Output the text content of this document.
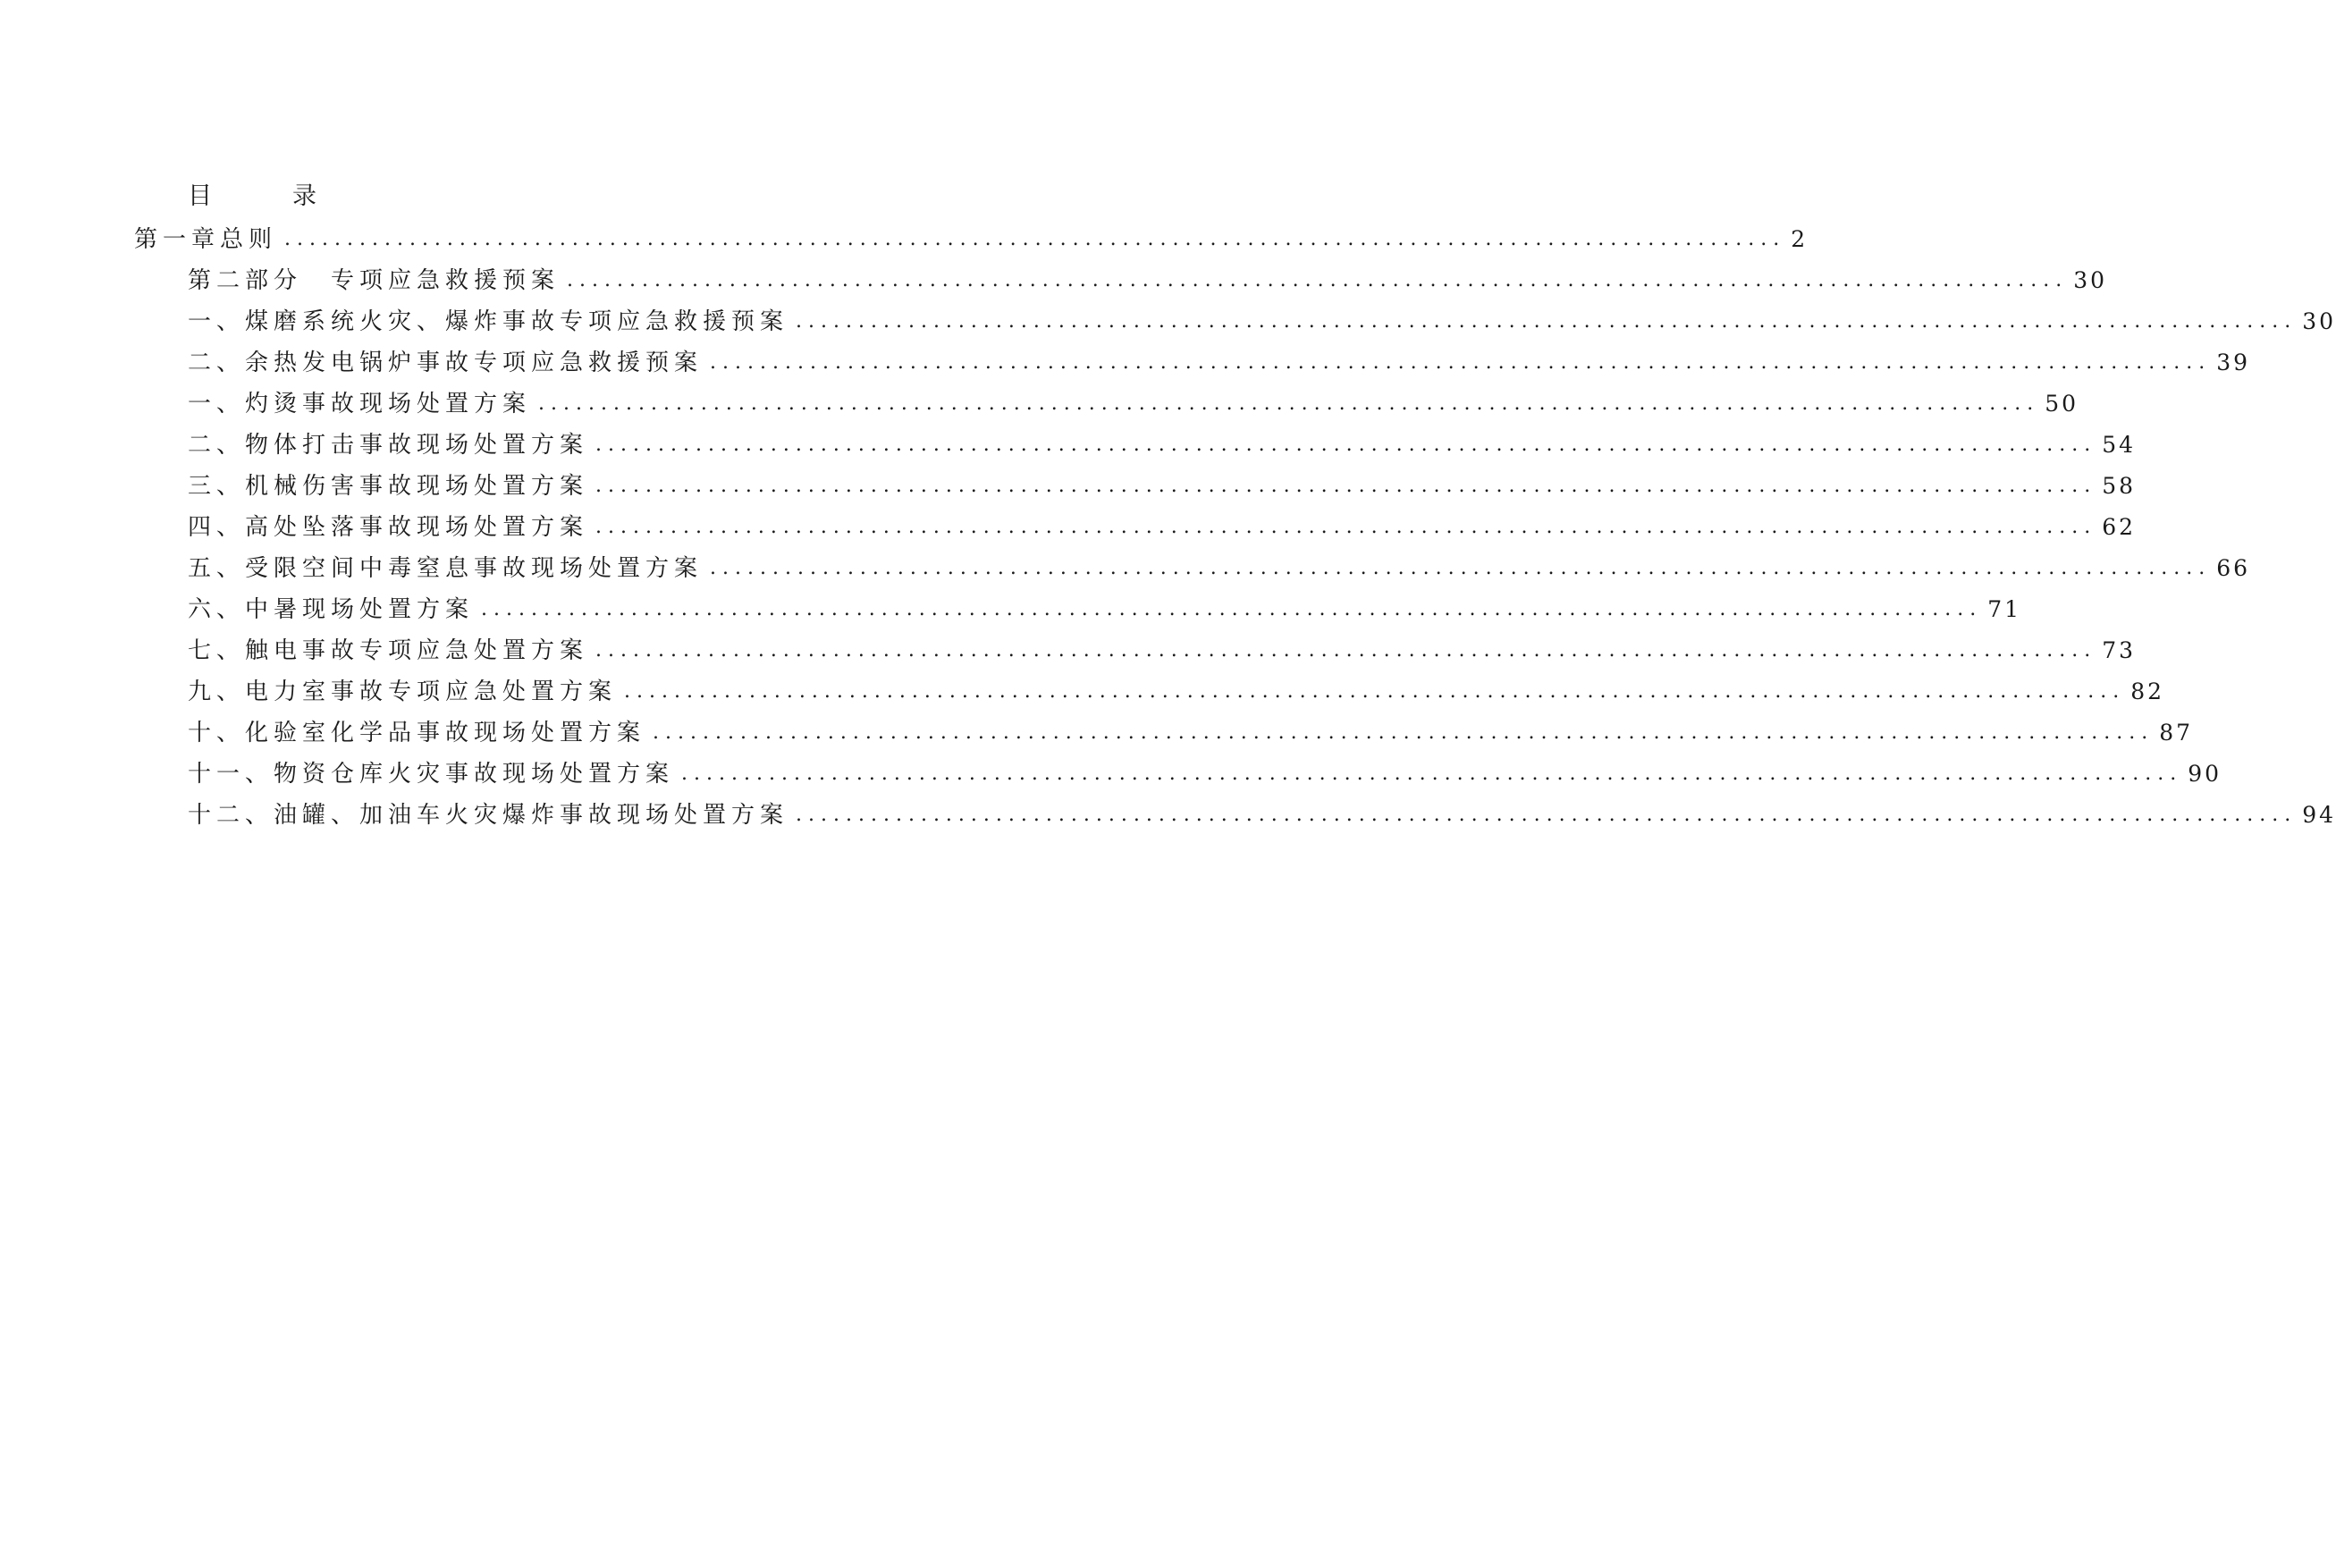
目	录
第一章总则 ........................................................................................................................ 2
第二部分　专项应急救援预案 ........................................................................................................................ 30
一、煤磨系统火灾、爆炸事故专项应急救援预案 ........................................................................................................................ 30
二、余热发电锅炉事故专项应急救援预案 ........................................................................................................................ 39
一、灼烫事故现场处置方案 ........................................................................................................................ 50
二、物体打击事故现场处置方案 ........................................................................................................................ 54
三、机械伤害事故现场处置方案 ........................................................................................................................ 58
四、高处坠落事故现场处置方案 ........................................................................................................................ 62
五、受限空间中毒窒息事故现场处置方案 ........................................................................................................................ 66
六、中暑现场处置方案 ........................................................................................................................ 71
七、触电事故专项应急处置方案 ........................................................................................................................ 73
九、电力室事故专项应急处置方案 ........................................................................................................................ 82
十、化验室化学品事故现场处置方案 ........................................................................................................................ 87
十一、物资仓库火灾事故现场处置方案 ........................................................................................................................ 90
十二、油罐、加油车火灾爆炸事故现场处置方案 ........................................................................................................................ 94
